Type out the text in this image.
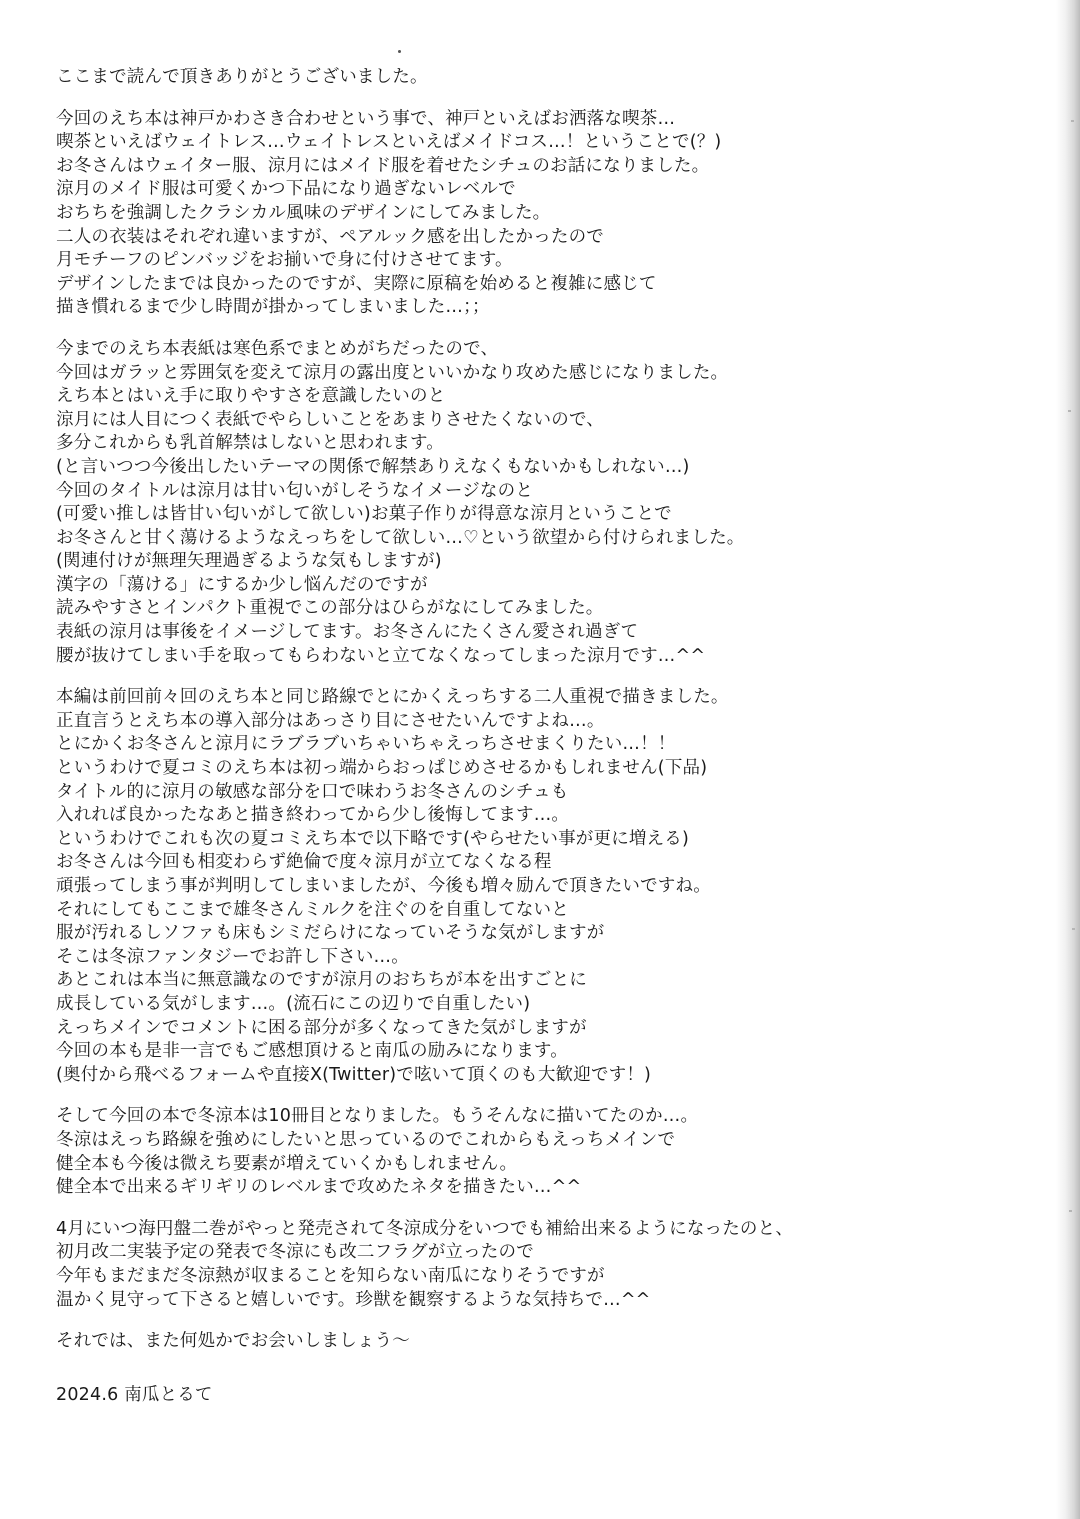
ここまで読んで頂きありがとうございました。
今回のえち本は神戸かわさき合わせという事で、神戸といえばお洒落な喫茶…
喫茶といえばウェイトレス…ウェイトレスといえばメイドコス…！ということで(？)
お冬さんはウェイター服、涼月にはメイド服を着せたシチュのお話になりました。
涼月のメイド服は可愛くかつ下品になり過ぎないレベルで
おちちを強調したクラシカル風味のデザインにしてみました。
二人の衣装はそれぞれ違いますが、ペアルック感を出したかったので
月モチーフのピンバッジをお揃いで身に付けさせてます。
デザインしたまでは良かったのですが、実際に原稿を始めると複雑に感じて
描き慣れるまで少し時間が掛かってしまいました…；；
今までのえち本表紙は寒色系でまとめがちだったので、
今回はガラッと雰囲気を変えて涼月の露出度といいかなり攻めた感じになりました。
えち本とはいえ手に取りやすさを意識したいのと
涼月には人目につく表紙でやらしいことをあまりさせたくないので、
多分これからも乳首解禁はしないと思われます。
(と言いつつ今後出したいテーマの関係で解禁ありえなくもないかもしれない…)
今回のタイトルは涼月は甘い匂いがしそうなイメージなのと
(可愛い推しは皆甘い匂いがして欲しい)お菓子作りが得意な涼月ということで
お冬さんと甘く蕩けるようなえっちをして欲しい…♡という欲望から付けられました。
(関連付けが無理矢理過ぎるような気もしますが)
漢字の「蕩ける」にするか少し悩んだのですが
読みやすさとインパクト重視でこの部分はひらがなにしてみました。
表紙の涼月は事後をイメージしてます。お冬さんにたくさん愛され過ぎて
腰が抜けてしまい手を取ってもらわないと立てなくなってしまった涼月です…^^
本編は前回前々回のえち本と同じ路線でとにかくえっちする二人重視で描きました。
正直言うとえち本の導入部分はあっさり目にさせたいんですよね…。
とにかくお冬さんと涼月にラブラブいちゃいちゃえっちさせまくりたい…！！
というわけで夏コミのえち本は初っ端からおっぱじめさせるかもしれません(下品)
タイトル的に涼月の敏感な部分を口で味わうお冬さんのシチュも
入れれば良かったなあと描き終わってから少し後悔してます…。
というわけでこれも次の夏コミえち本で以下略です(やらせたい事が更に増える)
お冬さんは今回も相変わらず絶倫で度々涼月が立てなくなる程
頑張ってしまう事が判明してしまいましたが、今後も増々励んで頂きたいですね。
それにしてもここまで雄冬さんミルクを注ぐのを自重してないと
服が汚れるしソファも床もシミだらけになっていそうな気がしますが
そこは冬涼ファンタジーでお許し下さい…。
あとこれは本当に無意識なのですが涼月のおちちが本を出すごとに
成長している気がします…。(流石にこの辺りで自重したい)
えっちメインでコメントに困る部分が多くなってきた気がしますが
今回の本も是非一言でもご感想頂けると南瓜の励みになります。
(奥付から飛べるフォームや直接X(Twitter)で呟いて頂くのも大歓迎です！)
そして今回の本で冬涼本は10冊目となりました。もうそんなに描いてたのか…。
冬涼はえっち路線を強めにしたいと思っているのでこれからもえっちメインで
健全本も今後は微えち要素が増えていくかもしれません。
健全本で出来るギリギリのレベルまで攻めたネタを描きたい…^^
4月にいつ海円盤二巻がやっと発売されて冬涼成分をいつでも補給出来るようになったのと、
初月改二実装予定の発表で冬涼にも改二フラグが立ったので
今年もまだまだ冬涼熱が収まることを知らない南瓜になりそうですが
温かく見守って下さると嬉しいです。珍獣を観察するような気持ちで…^^
それでは、また何処かでお会いしましょう～
2024.6 南瓜とるて
